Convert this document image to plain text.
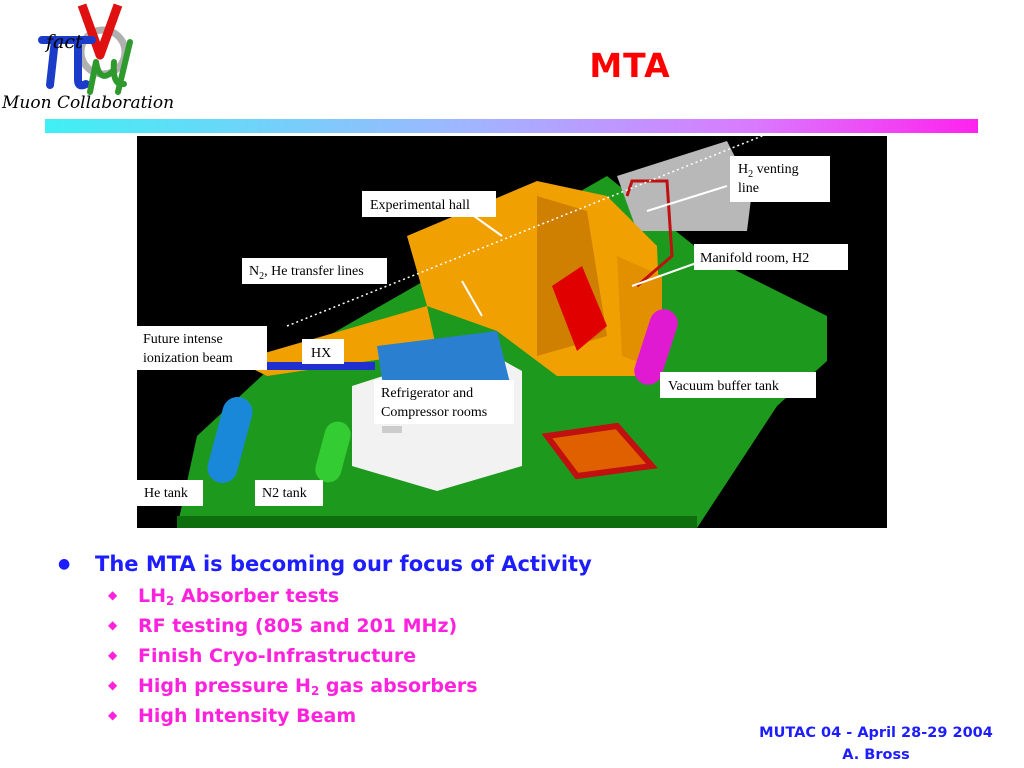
fact
Muon Collaboration
MTA
Experimental hall
$H_2$ venting
line
$N_2$, He transfer lines
Manifold room, H2
Future intense
ionization beam	HX
Refrigerator and
Compressor rooms
Vacuum buffer tank
He tank	N2 tank
● The MTA is becoming our focus of Activity
◆ $LH_2$ Absorber tests
◆ RF testing (805 and 201 MHz)
◆ Finish Cryo-Infrastructure
◆ High pressure $H_2$ gas absorbers
◆ High Intensity Beam
MUTAC 04 - April 28-29 2004
A. Bross
